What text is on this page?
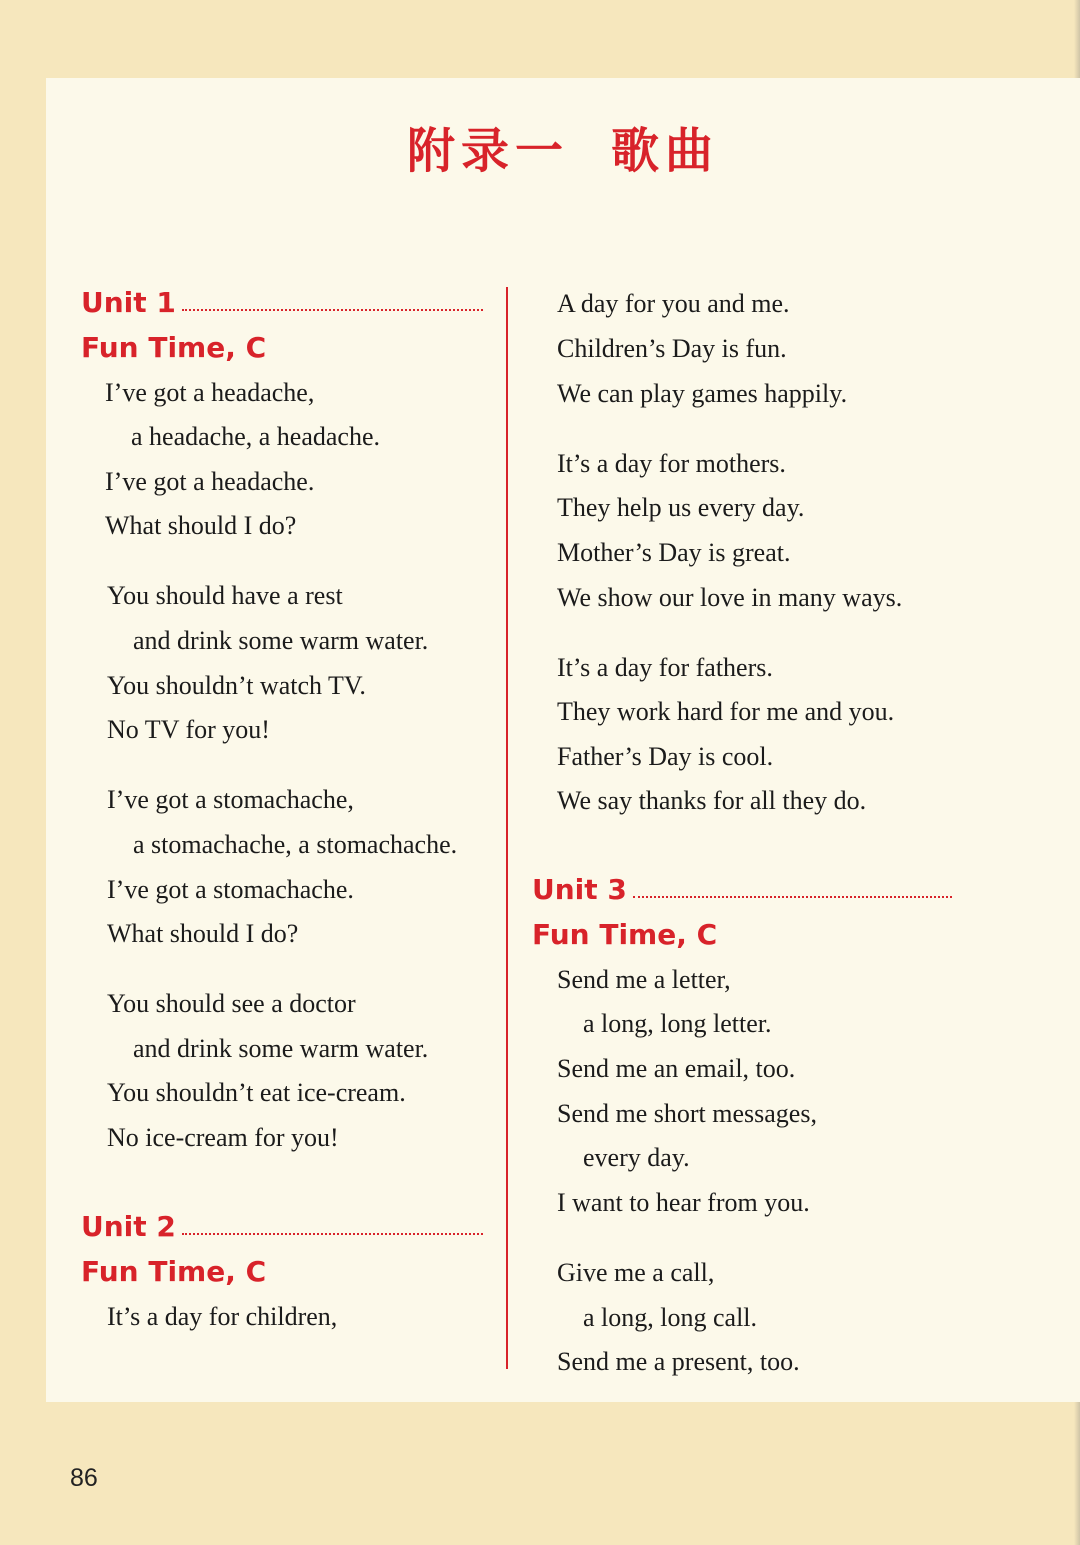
附录一 歌曲
Unit 1
Fun Time, C
I’ve got a headache,
a headache, a headache.
I’ve got a headache.
What should I do?
You should have a rest
and drink some warm water.
You shouldn’t watch TV.
No TV for you!
I’ve got a stomachache,
a stomachache, a stomachache.
I’ve got a stomachache.
What should I do?
You should see a doctor
and drink some warm water.
You shouldn’t eat ice-cream.
No ice-cream for you!
Unit 2
Fun Time, C
It’s a day for children,
A day for you and me.
Children’s Day is fun.
We can play games happily.
It’s a day for mothers.
They help us every day.
Mother’s Day is great.
We show our love in many ways.
It’s a day for fathers.
They work hard for me and you.
Father’s Day is cool.
We say thanks for all they do.
Unit 3
Fun Time, C
Send me a letter,
a long, long letter.
Send me an email, too.
Send me short messages,
every day.
I want to hear from you.
Give me a call,
a long, long call.
Send me a present, too.
86
